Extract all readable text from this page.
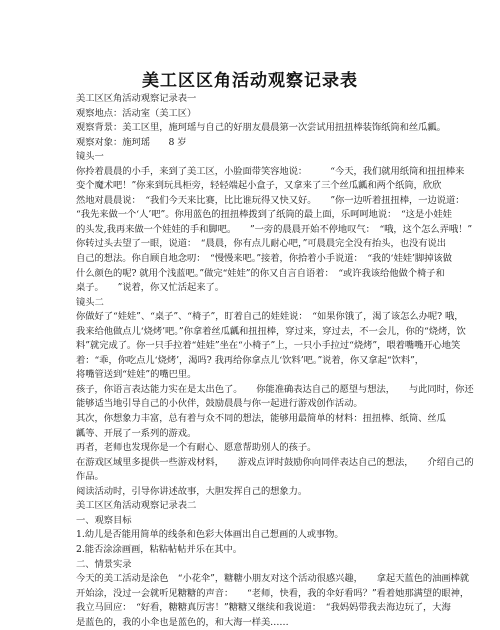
美工区区角活动观察记录表
美工区区角活动观察记录表一
观察地点：活动室（美工区）
观察背景：美工区里，施珂瑶与自己的好朋友晨晨第一次尝试用扭扭棒装饰纸筒和丝瓜瓤。
观察对象：施珂瑶　　8 岁
镜头一
你拎着晨晨的小手，来到了美工区，小脸面带笑容地说：　　　“今天，我们就用纸筒和扭扭棒来
变个魔术吧！”你来到玩具柜旁，轻轻端起小盒子，又拿来了三个丝瓜瓤和两个纸筒，欣欣
然地对晨晨说：　“我们今天来比赛，比比谁玩得又快又好。　　”你一边听着扭扭棒，一边说道：
“我先来做一个‘人’吧”。你用蓝色的扭扭棒拨到了纸筒的最上面，乐呵呵地说：　“这是小娃娃
的头发,我再来做一个娃娃的手和脚吧。　　”一旁的晨晨开始不停地叹气：　“哦，这个怎么弄哦！”
你转过头去望了一眼，说道：　“晨晨，你有点儿耐心吧，”可晨晨完全没有抬头，也没有说出
自己的想法。你自顾自地念叨：　“慢慢来吧。”接着，你拾着小手说道：　“我的‘娃娃’脚掉该做
什么颜色的呢? 就用个浅蓝吧。”做完“娃娃”的你又自言自语着：　“或许我该给他做个椅子和
桌子。　　”说着，你又忙活起来了。
镜头二
你做好了“娃娃”、“桌子”、“椅子”，盯着自己的娃娃说：　“如果你饿了，渴了该怎么办呢? 哦，
我来给他做点儿‘烧烤’吧。”你拿着丝瓜瓤和扭扭棒，穿过来，穿过去，不一会儿，你的“烧烤，饮
料”就完成了。你一只手拉着“娃娃”坐在“小椅子”上，一只小手拉过“烧烤”，喂着嘴嘴开心地笑
着：“乖，你吃点儿‘烧烤’，渴吗? 我再给你拿点儿‘饮料’吧。”说着，你又拿起“饮料”，
将嘴管送到“娃娃”的嘴巴里。
孩子，你语言表达能力实在是太出色了。　　你能准确表达自己的愿望与想法，　　与此同时，你还
能够适当地引导自己的小伙伴，鼓励晨晨与你一起进行游戏创作活动。
其次，你想象力丰富，总有着与众不同的想法，能够用最简单的材料：扭扭棒、纸筒、丝瓜
瓤等、开展了一系列的游戏。
再者，老师也发现你是一个有耐心、愿意帮助别人的孩子。
在游戏区域里多提供一些游戏材料，　　游戏点评时鼓励你向同伴表达自己的想法，　　介绍自己的
作品。
阅读活动时，引导你讲述故事，大胆发挥自己的想象力。
美工区区角活动观察记录表二
一、观察目标
1.幼儿是否能用简单的线条和色彩大体画出自己想画的人或事物。
2.能否涂涂画画，粘粘帖帖并乐在其中。
二、情景实录
今天的美工活动是涂色　“小花伞”，糖糖小朋友对这个活动很感兴趣，　　拿起天蓝色的油画棒就
开始涂，没过一会就听见糖糖的声音：　　“老师，快看，我的伞好看吗？”看着她那满望的眼神，
我立马回应：　“好看，糖糖真厉害！”糖糖又继续和我说道：　“我妈妈带我去海边玩了，大海
是蓝色的，我的小伞也是蓝色的，和大海一样美……
